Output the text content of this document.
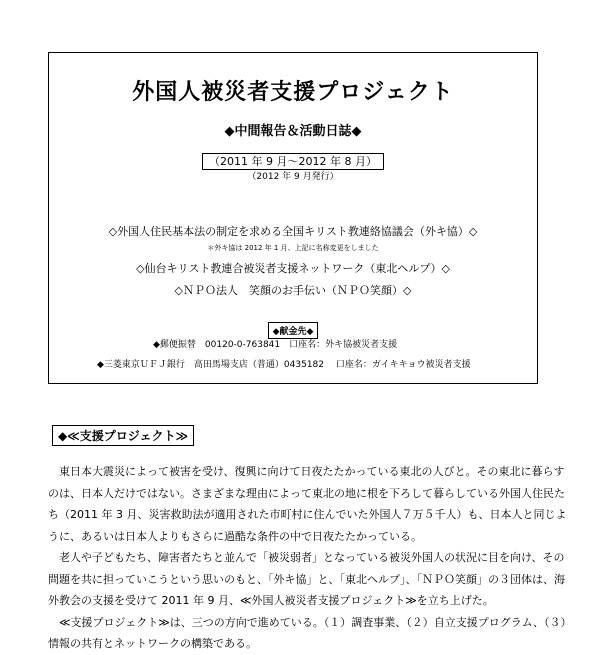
外国人被災者支援プロジェクト
◆中間報告＆活動日誌◆
（2011 年 9 月〜2012 年 8 月）
（2012 年 9 月発行）
◇外国人住民基本法の制定を求める全国キリスト教連絡協議会（外キ協）◇
＊外キ協は 2012 年 1 月、上記に名称変更をしました
◇仙台キリスト教連合被災者支援ネットワーク（東北ヘルプ）◇
◇ＮＰＯ法人　笑顔のお手伝い（ＮＰＯ笑顔）◇
◆献金先◆
◆郵便振替　00120-0-763841　口座名：外キ協被災者支援
◆三菱東京ＵＦＪ銀行　高田馬場支店（普通）0435182　 口座名：ガイキキョウ被災者支援
◆≪支援プロジェクト≫
　東日本大震災によって被害を受け、復興に向けて日夜たたかっている東北の人びと。その東北に暮らす
のは、日本人だけではない。さまざまな理由によって東北の地に根を下ろして暮らしている外国人住民た
ち（2011 年 3 月、災害救助法が適用された市町村に住んでいた外国人７万５千人）も、日本人と同じよ
うに、あるいは日本人よりもさらに過酷な条件の中で日夜たたかっている。
　老人や子どもたち、障害者たちと並んで「被災弱者」となっている被災外国人の状況に目を向け、その
問題を共に担っていこうという思いのもと、「外キ協」と、「東北ヘルプ」、「ＮＰＯ笑顔」の３団体は、海
外教会の支援を受けて 2011 年 9 月、≪外国人被災者支援プロジェクト≫を立ち上げた。
　≪支援プロジェクト≫は、三つの方向で進めている。（１）調査事業、（２）自立支援プログラム、（３）
情報の共有とネットワークの構築である。
